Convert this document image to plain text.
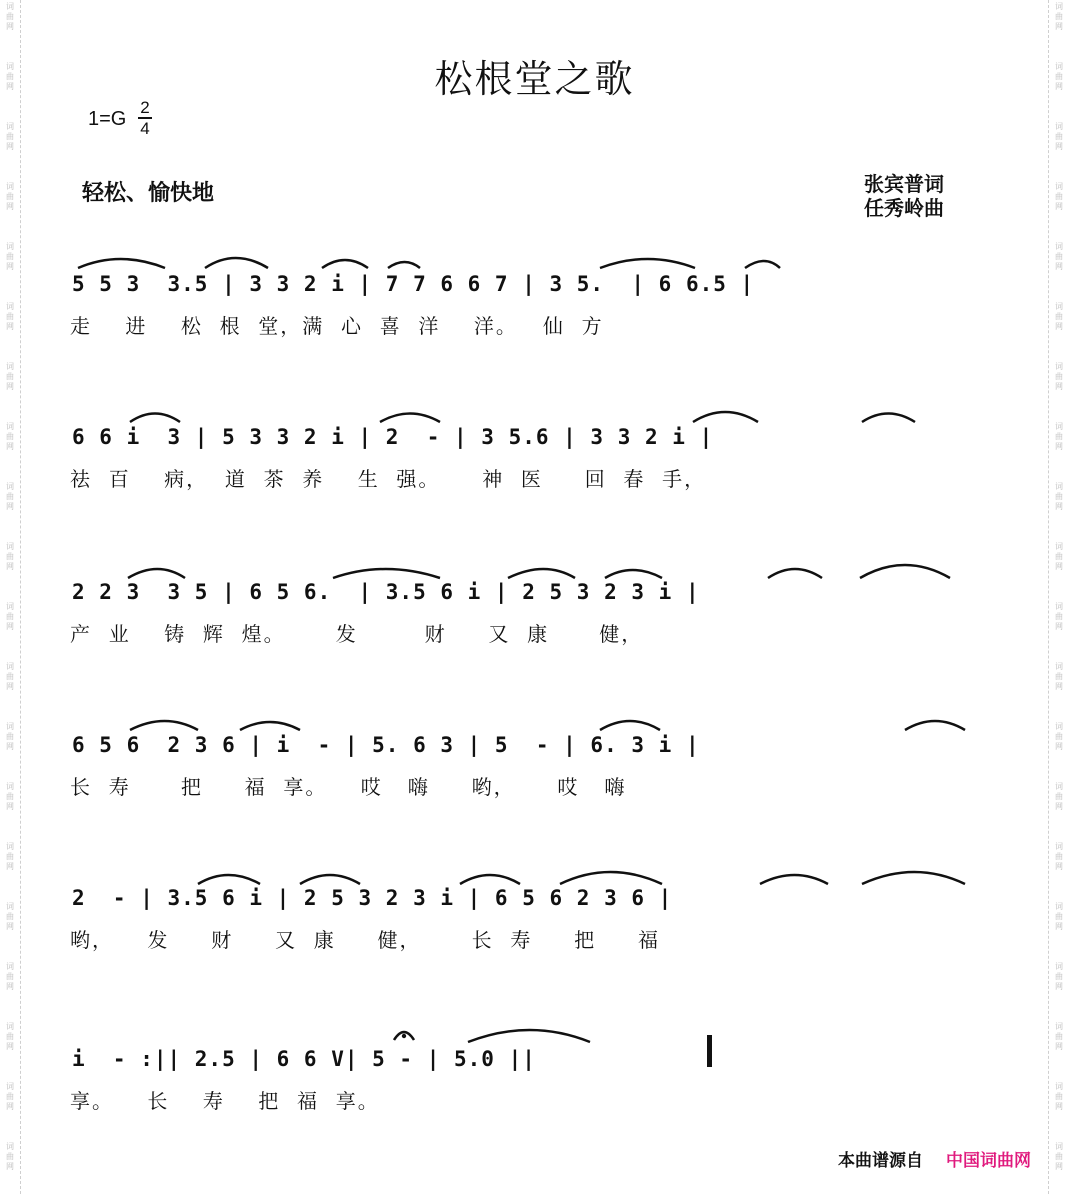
词
曲
网
词
曲
网
词
曲
网
词
曲
网
词
曲
网
词
曲
网
词
曲
网
词
曲
网
词
曲
网
词
曲
网
词
曲
网
词
曲
网
词
曲
网
词
曲
网
词
曲
网
词
曲
网
词
曲
网
词
曲
网
词
曲
网
词
曲
网
词
曲
网
词
曲
网
词
曲
网
词
曲
网
词
曲
网
词
曲
网
词
曲
网
词
曲
网
词
曲
网
词
曲
网
词
曲
网
词
曲
网
词
曲
网
词
曲
网
词
曲
网
词
曲
网
词
曲
网
词
曲
网
词
曲
网
词
曲
网
松根堂之歌
1=G
2
4
轻松、愉快地	张宾普词
任秀岭曲
5 5 3  3.5 | 3 3 2 i | 7 7 6 6 7 | 3 5.  | 6 6.5 |
走    进    松  根  堂，满  心  喜  洋    洋。   仙  方
6 6 i  3 | 5 3 3 2 i | 2  - | 3 5.6 | 3 3 2 i |
祛  百    病，  道  茶  养    生  强。     神  医     回  春  手，
2 2 3  3 5 | 6 5 6.  | 3.5 6 i | 2 5 3 2 3 i |
产  业    铸  辉  煌。      发        财     又  康      健，
6 5 6  2 3 6 | i  - | 5. 6 3 | 5  - | 6. 3 i |
长  寿      把     福  享。    哎   嗨     哟，     哎   嗨
2  - | 3.5 6 i | 2 5 3 2 3 i | 6 5 6 2 3 6 |
哟，    发     财     又  康     健，      长  寿     把     福
i  - :|| 2.5 | 6 6 V| 5 - | 5.0 ||
享。    长    寿    把  福  享。
本曲谱源自 中国词曲网
